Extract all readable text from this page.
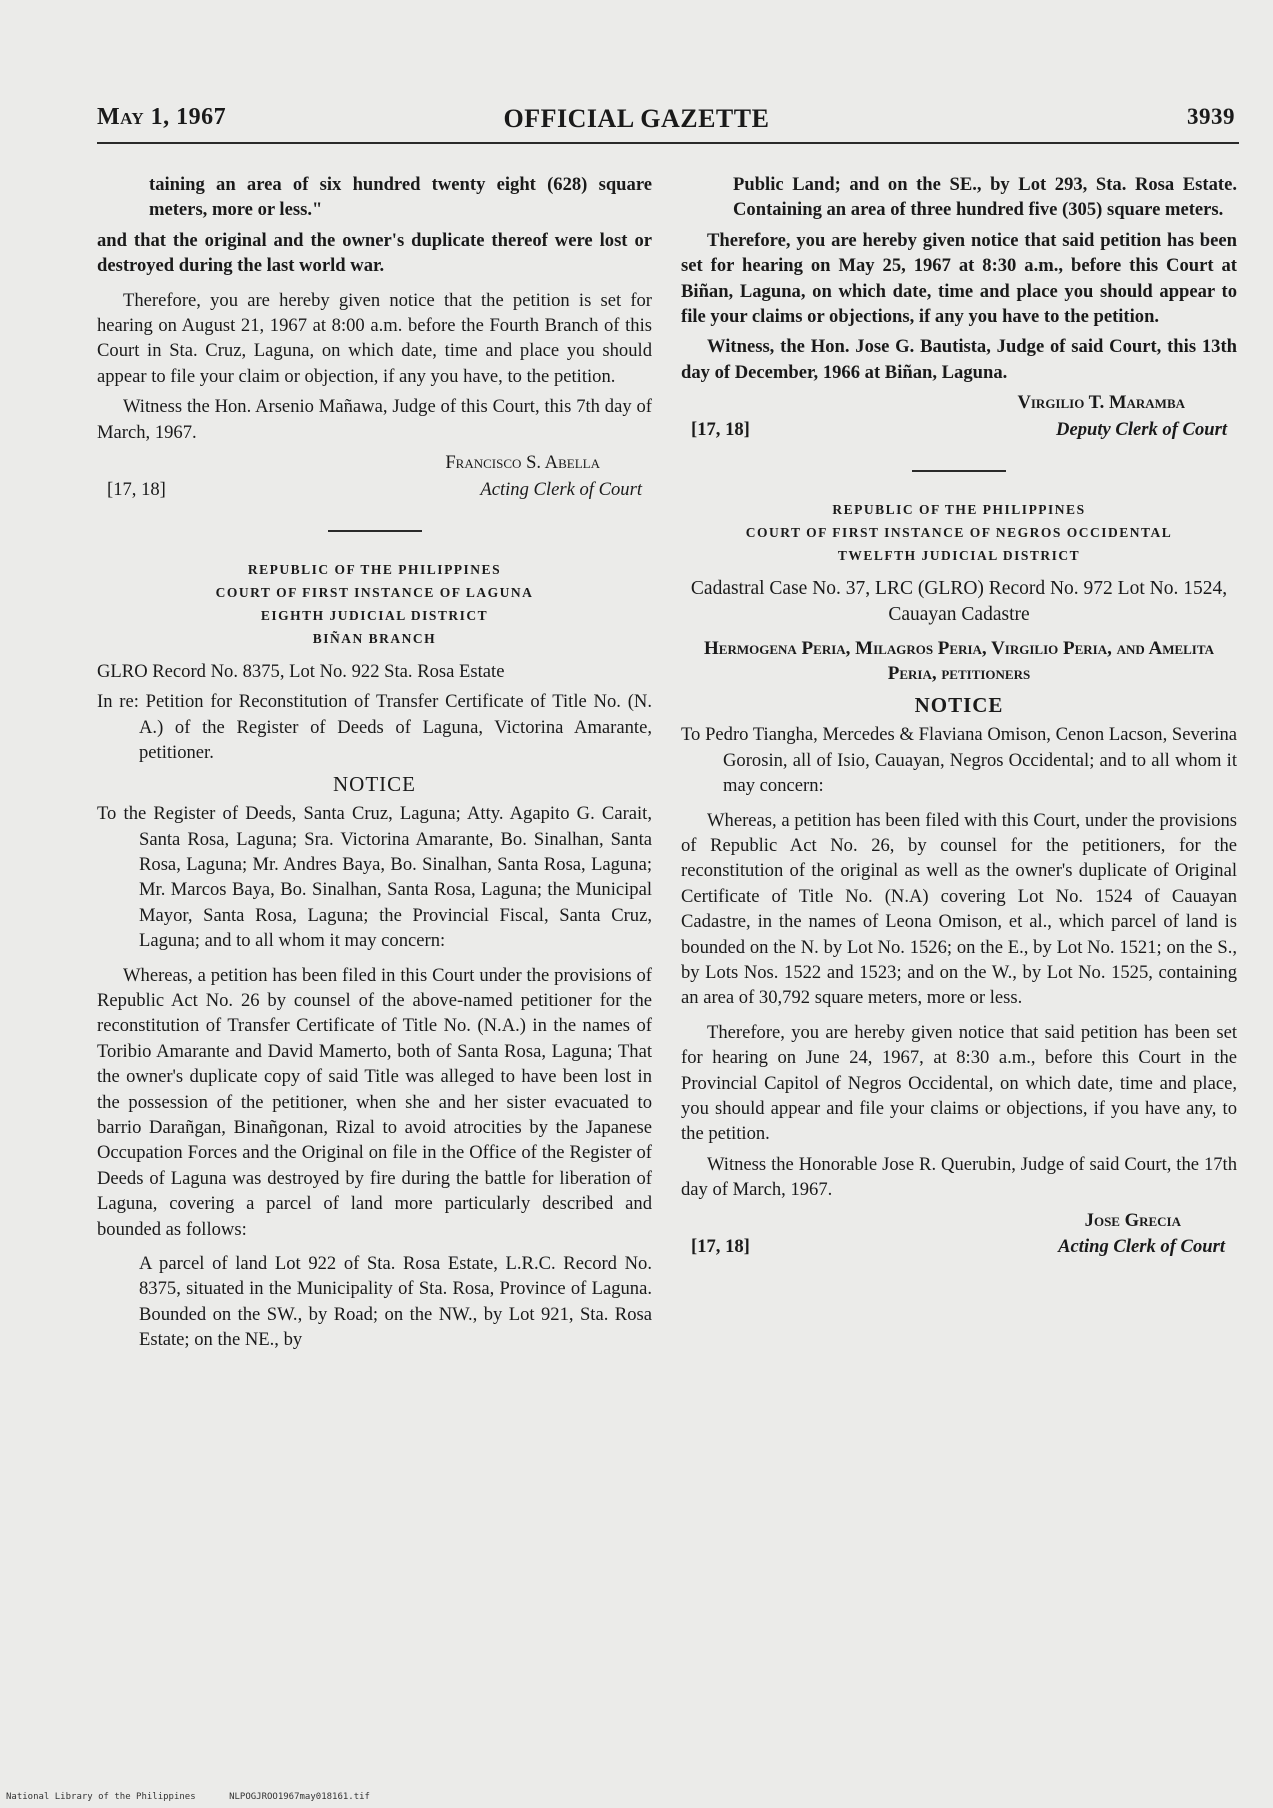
May 1, 1967	OFFICIAL GAZETTE	3939

taining an area of six hundred twenty eight (628) square meters, more or less."

and that the original and the owner's duplicate thereof were lost or destroyed during the last world war.

Therefore, you are hereby given notice that the petition is set for hearing on August 21, 1967 at 8:00 a.m. before the Fourth Branch of this Court in Sta. Cruz, Laguna, on which date, time and place you should appear to file your claim or objection, if any you have, to the petition.

Witness the Hon. Arsenio Mañawa, Judge of this Court, this 7th day of March, 1967.

Francisco S. Abella
Acting Clerk of Court
[17, 18]
REPUBLIC OF THE PHILIPPINES
COURT OF FIRST INSTANCE OF LAGUNA
EIGHTH JUDICIAL DISTRICT
BIÑAN BRANCH

GLRO Record No. 8375, Lot No. 922 Sta. Rosa Estate

In re: Petition for Reconstitution of Transfer Certificate of Title No. (N. A.) of the Register of Deeds of Laguna, Victorina Amarante, petitioner.

NOTICE

To the Register of Deeds, Santa Cruz, Laguna; Atty. Agapito G. Carait, Santa Rosa, Laguna; Sra. Victorina Amarante, Bo. Sinalhan, Santa Rosa, Laguna; Mr. Andres Baya, Bo. Sinalhan, Santa Rosa, Laguna; Mr. Marcos Baya, Bo. Sinalhan, Santa Rosa, Laguna; the Municipal Mayor, Santa Rosa, Laguna; the Provincial Fiscal, Santa Cruz, Laguna; and to all whom it may concern:

Whereas, a petition has been filed in this Court under the provisions of Republic Act No. 26 by counsel of the above-named petitioner for the reconstitution of Transfer Certificate of Title No. (N.A.) in the names of Toribio Amarante and David Mamerto, both of Santa Rosa, Laguna; That the owner's duplicate copy of said Title was alleged to have been lost in the possession of the petitioner, when she and her sister evacuated to barrio Darañgan, Binañgonan, Rizal to avoid atrocities by the Japanese Occupation Forces and the Original on file in the Office of the Register of Deeds of Laguna was destroyed by fire during the battle for liberation of Laguna, covering a parcel of land more particularly described and bounded as follows:

A parcel of land Lot 922 of Sta. Rosa Estate, L.R.C. Record No. 8375, situated in the Municipality of Sta. Rosa, Province of Laguna. Bounded on the SW., by Road; on the NW., by Lot 921, Sta. Rosa Estate; on the NE., by

Public Land; and on the SE., by Lot 293, Sta. Rosa Estate. Containing an area of three hundred five (305) square meters.

Therefore, you are hereby given notice that said petition has been set for hearing on May 25, 1967 at 8:30 a.m., before this Court at Biñan, Laguna, on which date, time and place you should appear to file your claims or objections, if any you have to the petition.

Witness, the Hon. Jose G. Bautista, Judge of said Court, this 13th day of December, 1966 at Biñan, Laguna.

Virgilio T. Maramba
Deputy Clerk of Court
[17, 18]
REPUBLIC OF THE PHILIPPINES
COURT OF FIRST INSTANCE OF NEGROS OCCIDENTAL
TWELFTH JUDICIAL DISTRICT

Cadastral Case No. 37, LRC (GLRO) Record No. 972 Lot No. 1524, Cauayan Cadastre

Hermogena Peria, Milagros Peria, Virgilio Peria, and Amelita Peria, petitioners

NOTICE

To Pedro Tiangha, Mercedes & Flaviana Omison, Cenon Lacson, Severina Gorosin, all of Isio, Cauayan, Negros Occidental; and to all whom it may concern:

Whereas, a petition has been filed with this Court, under the provisions of Republic Act No. 26, by counsel for the petitioners, for the reconstitution of the original as well as the owner's duplicate of Original Certificate of Title No. (N.A) covering Lot No. 1524 of Cauayan Cadastre, in the names of Leona Omison, et al., which parcel of land is bounded on the N. by Lot No. 1526; on the E., by Lot No. 1521; on the S., by Lots Nos. 1522 and 1523; and on the W., by Lot No. 1525, containing an area of 30,792 square meters, more or less.

Therefore, you are hereby given notice that said petition has been set for hearing on June 24, 1967, at 8:30 a.m., before this Court in the Provincial Capitol of Negros Occidental, on which date, time and place, you should appear and file your claims or objections, if you have any, to the petition.

Witness the Honorable Jose R. Querubin, Judge of said Court, the 17th day of March, 1967.

Jose Grecia
Acting Clerk of Court
[17, 18]
National Library of the Philippines	NLPOGJROO1967may018161.tif
